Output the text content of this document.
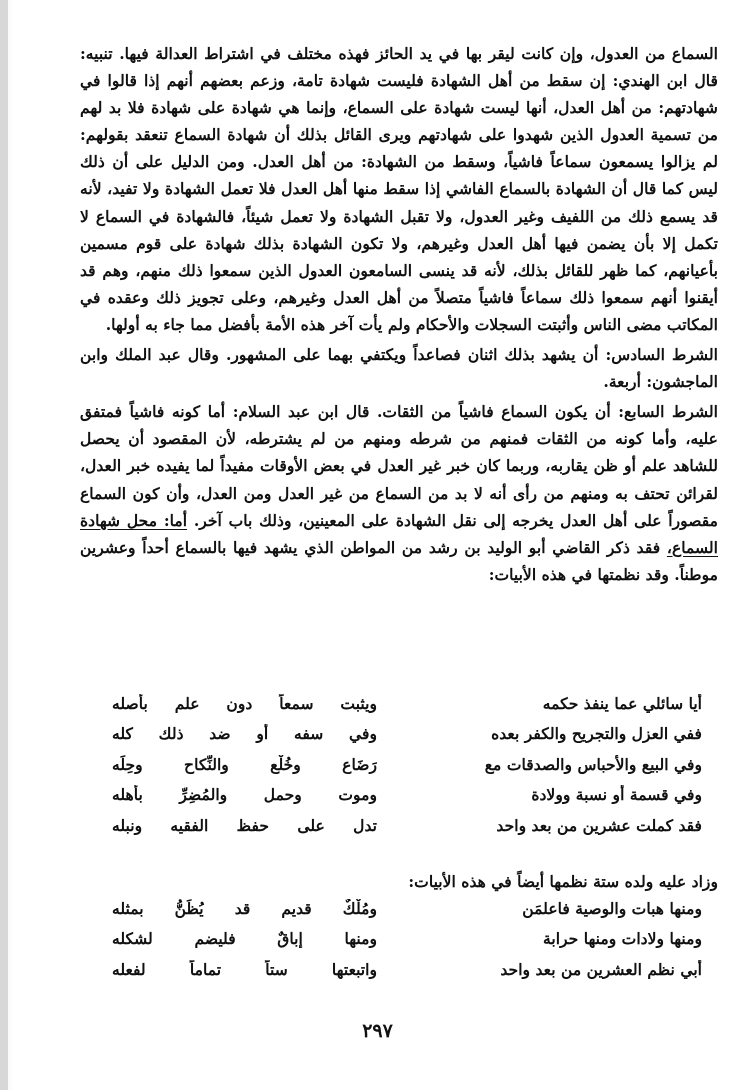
السماع من العدول، وإن كانت ليقر بها في يد الحائز فهذه مختلف في اشتراط العدالة فيها. تنبيه: قال ابن الهندي: إن سقط من أهل الشهادة فليست شهادة تامة، وزعم بعضهم أنهم إذا قالوا في شهادتهم: من أهل العدل، أنها ليست شهادة على السماع، وإنما هي شهادة على شهادة فلا بد لهم من تسمية العدول الذين شهدوا على شهادتهم ويرى القائل بذلك أن شهادة السماع تنعقد بقولهم: لم يزالوا يسمعون سماعاً فاشياً، وسقط من الشهادة: من أهل العدل. ومن الدليل على أن ذلك ليس كما قال أن الشهادة بالسماع الفاشي إذا سقط منها أهل العدل فلا تعمل الشهادة ولا تفيد، لأنه قد يسمع ذلك من اللفيف وغير العدول، ولا تقبل الشهادة ولا تعمل شيئاً، فالشهادة في السماع لا تكمل إلا بأن يضمن فيها أهل العدل وغيرهم، ولا تكون الشهادة بذلك شهادة على قوم مسمين بأعيانهم، كما ظهر للقائل بذلك، لأنه قد ينسى السامعون العدول الذين سمعوا ذلك منهم، وهم قد أيقنوا أنهم سمعوا ذلك سماعاً فاشياً متصلاً من أهل العدل وغيرهم، وعلى تجويز ذلك وعقده في المكاتب مضى الناس وأثبتت السجلات والأحكام ولم يأت آخر هذه الأمة بأفضل مما جاء به أولها.

الشرط السادس: أن يشهد بذلك اثنان فصاعداً ويكتفي بهما على المشهور. وقال عبد الملك وابن الماجشون: أربعة.

الشرط السابع: أن يكون السماع فاشياً من الثقات. قال ابن عبد السلام: أما كونه فاشياً فمتفق عليه، وأما كونه من الثقات فمنهم من شرطه ومنهم من لم يشترطه، لأن المقصود أن يحصل للشاهد علم أو ظن يقاربه، وربما كان خبر غير العدل في بعض الأوقات مفيداً لما يفيده خبر العدل، لقرائن تحتف به ومنهم من رأى أنه لا بد من السماع من غير العدل ومن العدل، وأن كون السماع مقصوراً على أهل العدل يخرجه إلى نقل الشهادة على المعينين، وذلك باب آخر. أما: محل شهادة السماع، فقد ذكر القاضي أبو الوليد بن رشد من المواطن الذي يشهد فيها بالسماع أحداً وعشرين موطناً. وقد نظمتها في هذه الأبيات:

أيا سائلي عما ينفذ حكمه
ويثبت سمعاً دون علم بأصله
ففي العزل والتجريح والكفر بعده
وفي سفه أو ضد ذلك كله
وفي البيع والأحباس والصدقات مع
رَضَاع وخُلْع والنِّكاح وحِلِّه
وفي قسمة أو نسبة وولادة
وموت وحمل والمُضِرِّ بأهله
فقد كملت عشرين من بعد واحد
تدل على حفظ الفقيه ونبله
وزاد عليه ولده ستة نظمها أيضاً في هذه الأبيات:
ومنها هبات والوصية فاعلمَن
ومُلْكٌ قديم قد يُظَنُّ بمثله
ومنها ولادات ومنها حرابة
ومنها إباقٌ فليضم لشكله
أبي نظم العشرين من بعد واحد
واتبعتها ستاً تماماً لفعله
٢٩٧
